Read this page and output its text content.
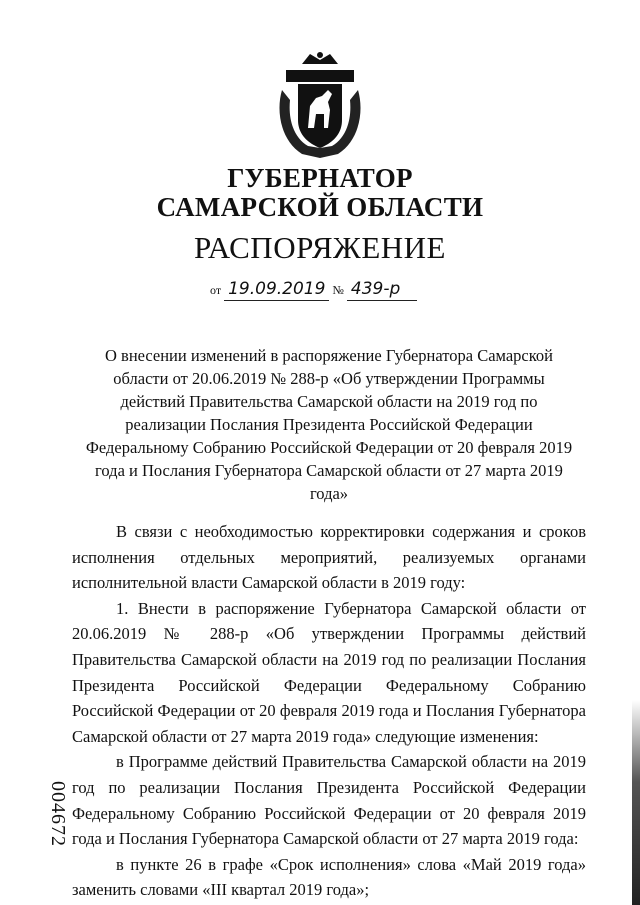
ГУБЕРНАТОР
САМАРСКОЙ ОБЛАСТИ
РАСПОРЯЖЕНИЕ
от 19.09.2019 № 439-р
О внесении изменений в распоряжение Губернатора Самарской области от 20.06.2019 № 288-р «Об утверждении Программы действий Правительства Самарской области на 2019 год по реализации Послания Президента Российской Федерации Федеральному Собранию Российской Федерации от 20 февраля 2019 года и Послания Губернатора Самарской области от 27 марта 2019 года»

В связи с необходимостью корректировки содержания и сроков исполнения отдельных мероприятий, реализуемых органами исполнительной власти Самарской области в 2019 году:

1. Внести в распоряжение Губернатора Самарской области от 20.06.2019 № 288-р «Об утверждении Программы действий Правительства Самарской области на 2019 год по реализации Послания Президента Российской Федерации Федеральному Собранию Российской Федерации от 20 февраля 2019 года и Послания Губернатора Самарской области от 27 марта 2019 года» следующие изменения:

в Программе действий Правительства Самарской области на 2019 год по реализации Послания Президента Российской Федерации Федеральному Собранию Российской Федерации от 20 февраля 2019 года и Послания Губернатора Самарской области от 27 марта 2019 года:

в пункте 26 в графе «Срок исполнения» слова «Май 2019 года» заменить словами «III квартал 2019 года»;

004672
